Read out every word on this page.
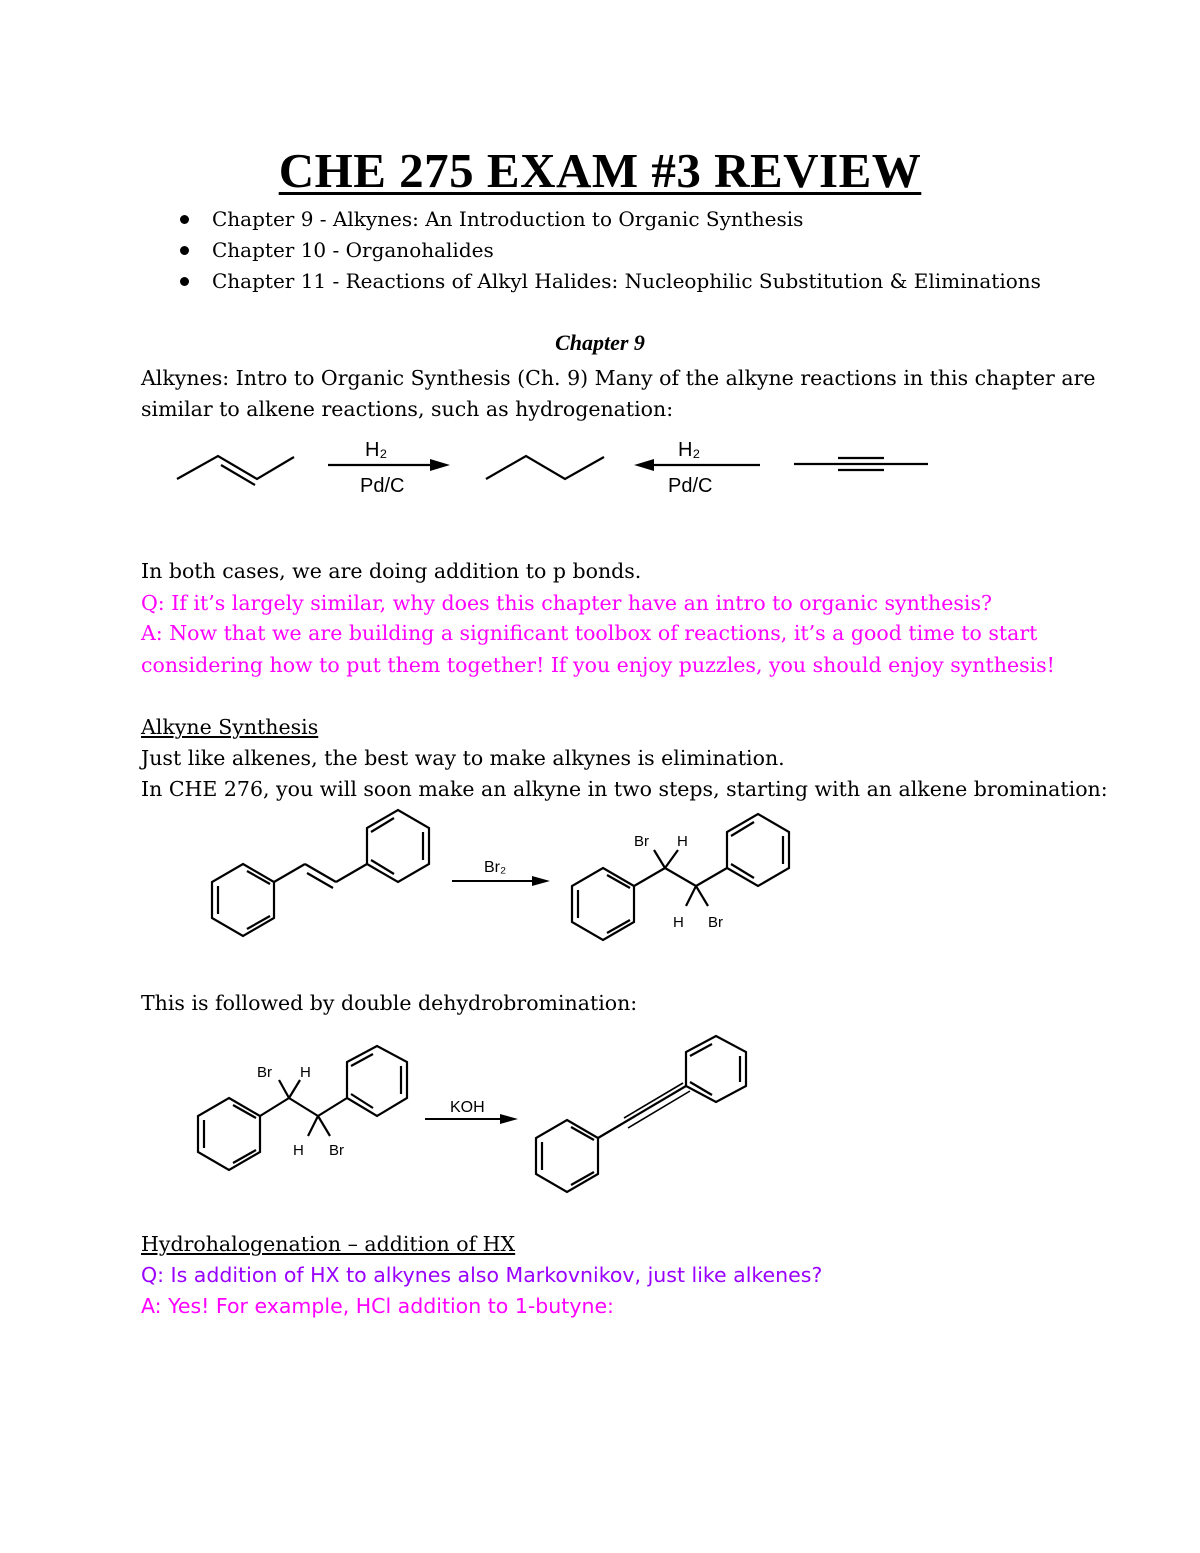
CHE 275 EXAM #3 REVIEW
Chapter 9 - Alkynes: An Introduction to Organic Synthesis
Chapter 10 - Organohalides
Chapter 11 - Reactions of Alkyl Halides: Nucleophilic Substitution & Eliminations
Chapter 9
Alkynes: Intro to Organic Synthesis (Ch. 9) Many of the alkyne reactions in this chapter are
similar to alkene reactions, such as hydrogenation:
H₂
Pd/C
H₂
Pd/C
In both cases, we are doing addition to p bonds.
Q: If it’s largely similar, why does this chapter have an intro to organic synthesis?
A: Now that we are building a significant toolbox of reactions, it’s a good time to start
considering how to put them together! If you enjoy puzzles, you should enjoy synthesis!
Alkyne Synthesis
Just like alkenes, the best way to make alkynes is elimination.
In CHE 276, you will soon make an alkyne in two steps, starting with an alkene bromination:
Br₂
Br H
H Br
This is followed by double dehydrobromination:
Br H
H Br
KOH
Hydrohalogenation – addition of HX
Q: Is addition of HX to alkynes also Markovnikov, just like alkenes?
A: Yes! For example, HCl addition to 1-butyne:
